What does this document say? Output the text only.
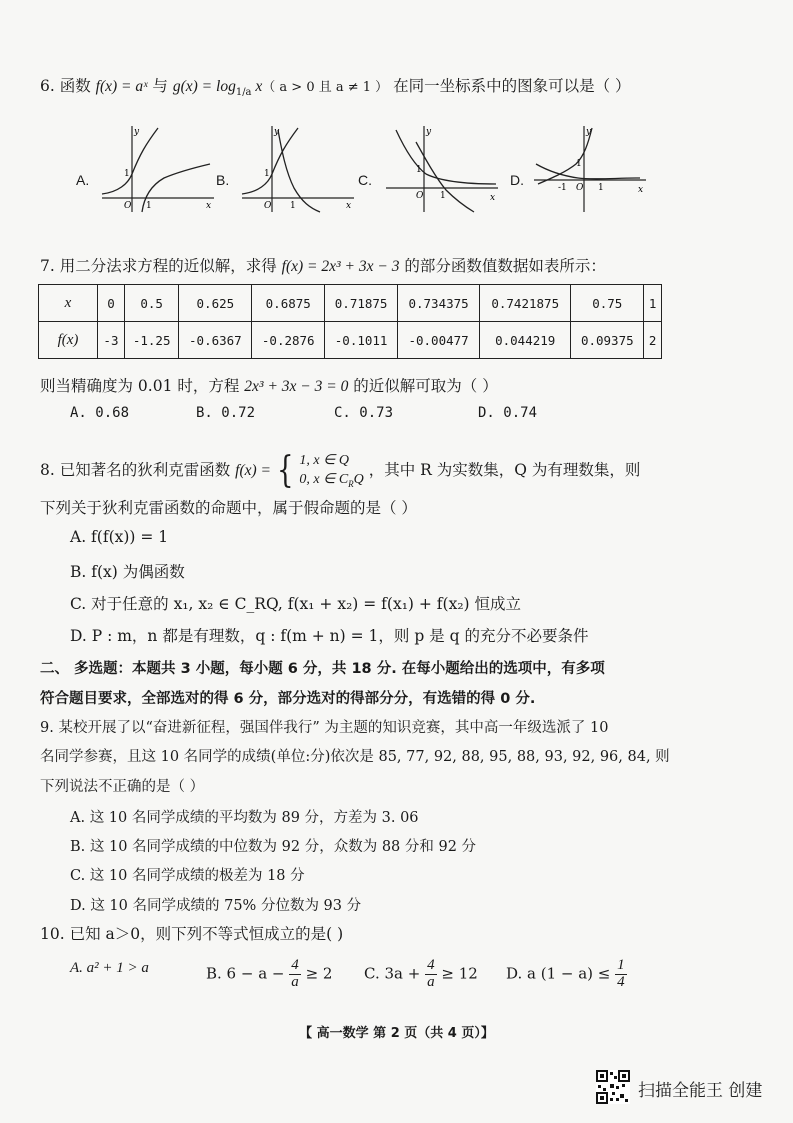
6. 函数 f(x) = aˣ 与 $g(x) = \log_{1/a} x$（ a > 0 且 a ≠ 1 ） 在同一坐标系中的图象可以是（ ）
A.
y
x
O
1
1
B.
y
x
O
1
1
C.
y
x
O
1
1
D.
y
x
O
-1	1
1
7. 用二分法求方程的近似解，求得 f(x) = 2x³ + 3x − 3 的部分函数值数据如表所示：
x	0	0.5	0.625	0.6875	0.71875	0.734375	0.7421875	0.75	1
f(x)	-3	-1.25	-0.6367	-0.2876	-0.1011	-0.00477	0.044219	0.09375	2
则当精确度为 0.01 时，方程 2x³ + 3x − 3 = 0 的近似解可取为（ ）
A. 0.68	B. 0.72	C. 0.73	D. 0.74
8. 已知著名的狄利克雷函数 f(x) = { 1, x ∈ Q
0, x ∈ $C_RQ$
，其中 R 为实数集，Q 为有理数集，则
下列关于狄利克雷函数的命题中，属于假命题的是（ ）
A. f(f(x)) = 1
B. f(x) 为偶函数
C. 对于任意的 x₁, x₂ ∈ C_RQ, f(x₁ + x₂) = f(x₁) + f(x₂) 恒成立
D. P : m，n 都是有理数，q : f(m + n) = 1，则 p 是 q 的充分不必要条件
二、 多选题：本题共 3 小题，每小题 6 分，共 18 分. 在每小题给出的选项中，有多项
符合题目要求，全部选对的得 6 分，部分选对的得部分分，有选错的得 0 分.
9. 某校开展了以“奋进新征程，强国伴我行” 为主题的知识竞赛，其中高一年级选派了 10
名同学参赛，且这 10 名同学的成绩(单位:分)依次是 85, 77, 92, 88, 95, 88, 93, 92, 96, 84, 则
下列说法不正确的是（ ）
A. 这 10 名同学成绩的平均数为 89 分，方差为 3. 06
B. 这 10 名同学成绩的中位数为 92 分，众数为 88 分和 92 分
C. 这 10 名同学成绩的极差为 18 分
D. 这 10 名同学成绩的 75% 分位数为 93 分
10. 已知 a＞0，则下列不等式恒成立的是( )
A. a² + 1 > a	B. $6 - a - \frac{4}{a} \ge 2$ C. $3a + \frac{4}{a} \ge 12$ D. a $(1 - a) \le \frac{1}{4}$
【 高一数学 第 2 页（共 4 页）】
扫描全能王 创建
